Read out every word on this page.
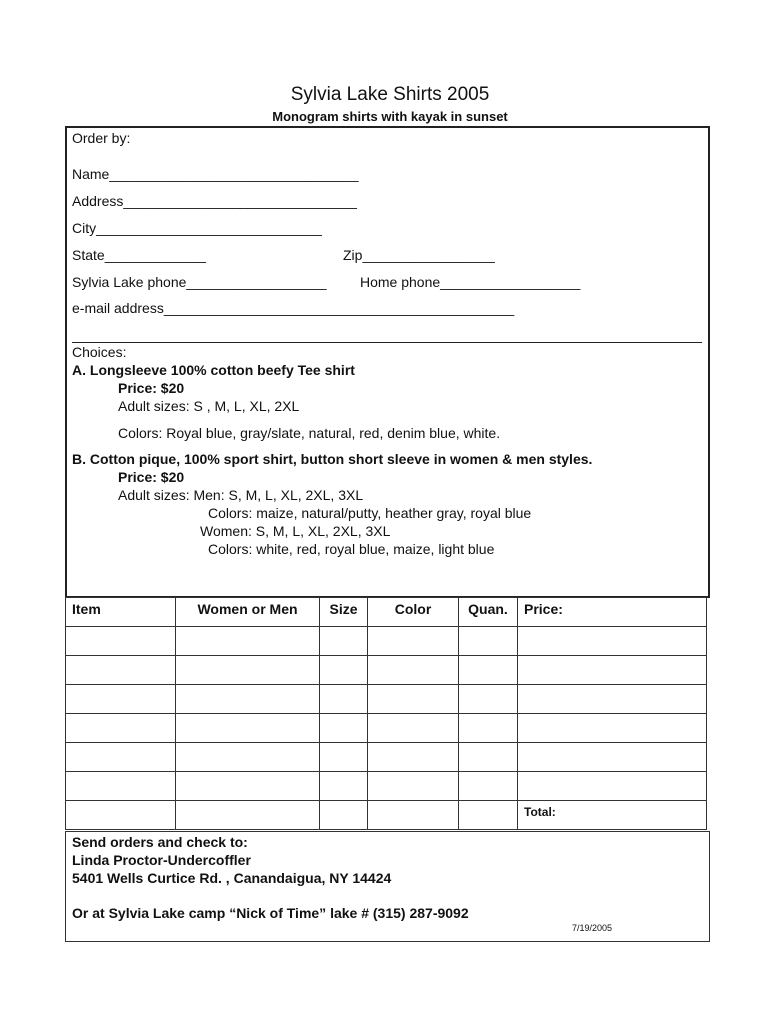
Sylvia Lake Shirts 2005
Monogram shirts with kayak in sunset
Order by:
Name________________________________
Address______________________________
City_____________________________
State_____________	Zip_________________
Sylvia Lake phone__________________ Home phone__________________
e-mail address_____________________________________________
Choices:
A. Longsleeve 100% cotton beefy Tee shirt
Price: $20
Adult sizes: S , M, L, XL, 2XL
Colors: Royal blue, gray/slate, natural, red, denim blue, white.
B. Cotton pique, 100% sport shirt, button short sleeve in women & men styles.
Price: $20
Adult sizes: Men: S, M, L, XL, 2XL, 3XL
Colors: maize, natural/putty, heather gray, royal blue
Women: S, M, L, XL, 2XL, 3XL
Colors: white, red, royal blue, maize, light blue
Item	Women or Men	Size	Color	Quan.	Price:

					Total:
Send orders and check to:
Linda Proctor-Undercoffler
5401 Wells Curtice Rd. , Canandaigua, NY 14424
Or at Sylvia Lake camp “Nick of Time” lake # (315) 287-9092
7/19/2005
